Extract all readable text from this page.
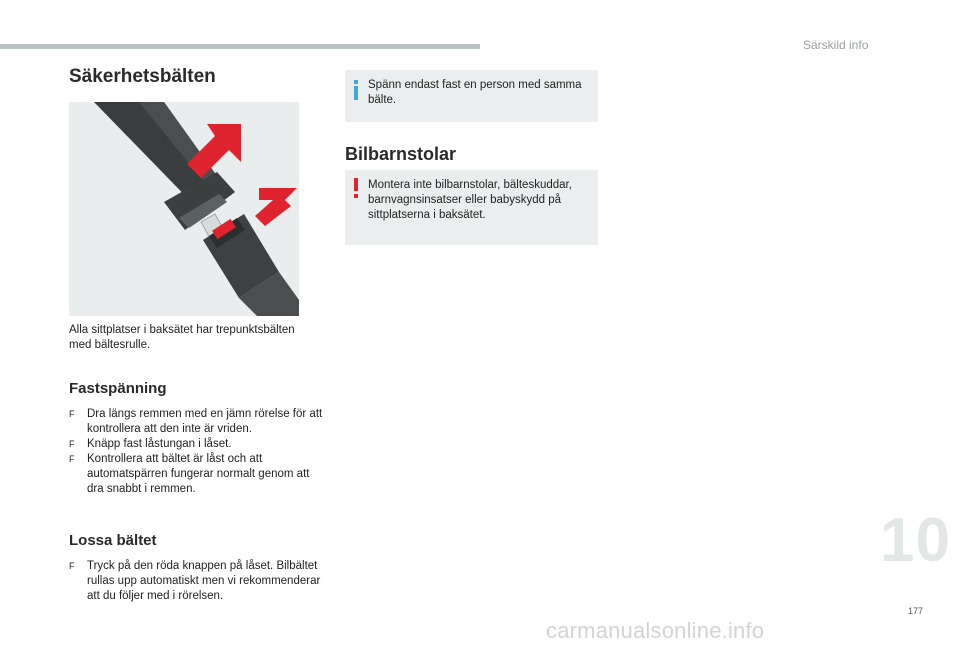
Särskild info
Säkerhetsbälten
Alla sittplatser i baksätet har trepunktsbälten med bältesrulle.
Fastspänning
F Dra längs remmen med en jämn rörelse för att kontrollera att den inte är vriden.
F Knäpp fast låstungan i låset.
F Kontrollera att bältet är låst och att automatspärren fungerar normalt genom att dra snabbt i remmen.
Lossa bältet
F Tryck på den röda knappen på låset. Bilbältet rullas upp automatiskt men vi rekommenderar att du följer med i rörelsen.
Spänn endast fast en person med samma bälte.
Bilbarnstolar
Montera inte bilbarnstolar, bälteskuddar, barnvagnsinsatser eller babyskydd på sittplatserna i baksätet.
10
177
carmanualsonline.info
